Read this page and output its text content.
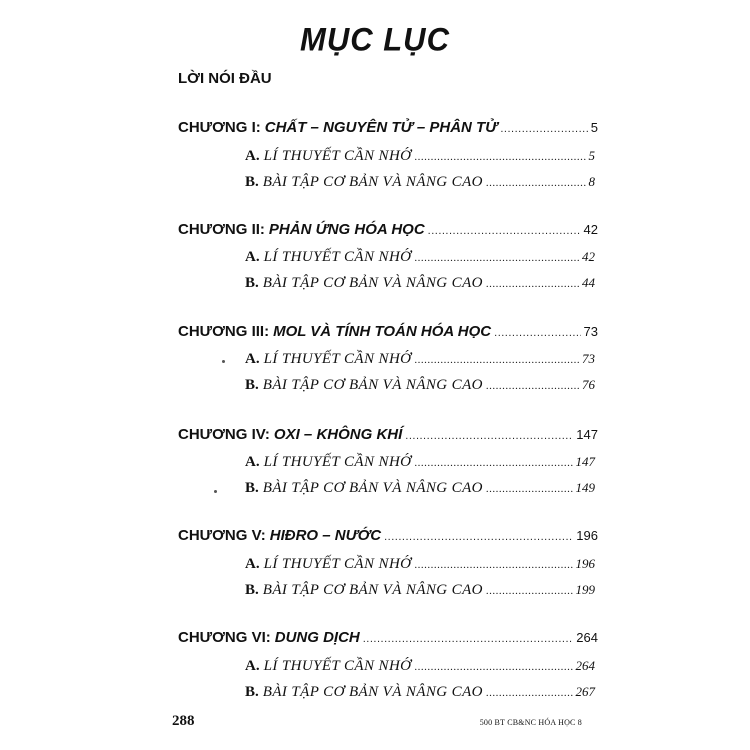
MỤC LỤC
LỜI NÓI ĐẦU
CHƯƠNG I: CHẤT – NGUYÊN TỬ – PHÂN TỬ .....	5
A. LÍ THUYẾT CẦN NHỚ .....	5
B. BÀI TẬP CƠ BẢN VÀ NÂNG CAO .....	8
CHƯƠNG II: PHẢN ỨNG HÓA HỌC .....	42
A. LÍ THUYẾT CẦN NHỚ .....	42
B. BÀI TẬP CƠ BẢN VÀ NÂNG CAO .....	44
CHƯƠNG III: MOL VÀ TÍNH TOÁN HÓA HỌC .....	73
A. LÍ THUYẾT CẦN NHỚ .....	73
B. BÀI TẬP CƠ BẢN VÀ NÂNG CAO .....	76
CHƯƠNG IV: OXI – KHÔNG KHÍ .....	147
A. LÍ THUYẾT CẦN NHỚ .....	147
B. BÀI TẬP CƠ BẢN VÀ NÂNG CAO .....	149
CHƯƠNG V: HIĐRO – NƯỚC .....	196
A. LÍ THUYẾT CẦN NHỚ .....	196
B. BÀI TẬP CƠ BẢN VÀ NÂNG CAO .....	199
CHƯƠNG VI: DUNG DỊCH .....	264
A. LÍ THUYẾT CẦN NHỚ .....	264
B. BÀI TẬP CƠ BẢN VÀ NÂNG CAO .....	267
288	500 BT CB&NC HÓA HỌC 8
